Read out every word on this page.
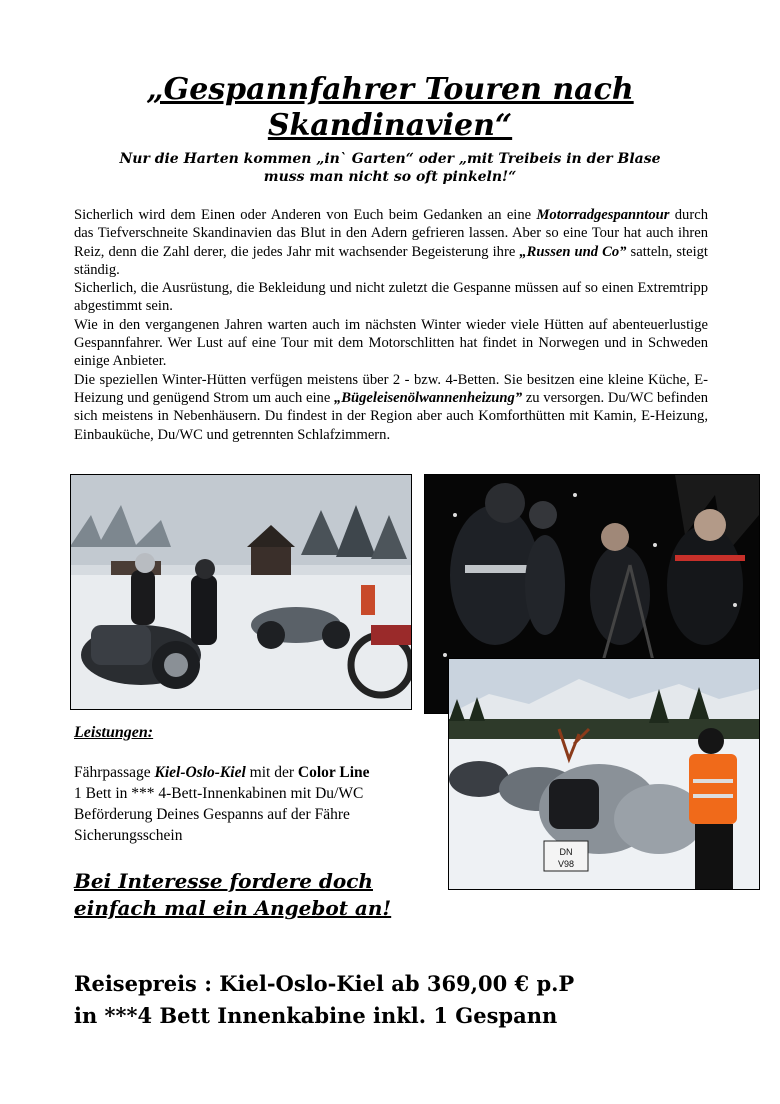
„Gespannfahrer Touren nach
Skandinavien“
Nur die Harten kommen „in` Garten“ oder „mit Treibeis in der Blase
muss man nicht so oft pinkeln!“

Sicherlich wird dem Einen oder Anderen von Euch beim Gedanken an eine Motorradgespanntour durch das Tiefverschneite Skandinavien das Blut in den Adern gefrieren lassen. Aber so eine Tour hat auch ihren Reiz, denn die Zahl derer, die jedes Jahr mit wachsender Begeisterung ihre „Russen und Co” satteln, steigt ständig.

Sicherlich, die Ausrüstung, die Bekleidung und nicht zuletzt die Gespanne müssen auf so einen Extremtripp abgestimmt sein.

Wie in den vergangenen Jahren warten auch im nächsten Winter wieder viele Hütten auf abenteuerlustige Gespannfahrer. Wer Lust auf eine Tour mit dem Motorschlitten hat findet in Norwegen und in Schweden einige Anbieter.

Die speziellen Winter-Hütten verfügen meistens über 2 - bzw. 4-Betten. Sie besitzen eine kleine Küche, E-Heizung und genügend Strom um auch eine „Bügeleisenölwannenheizung” zu versorgen. Du/WC befinden sich meistens in Nebenhäusern. Du findest in der Region aber auch Komforthütten mit Kamin, E-Heizung, Einbauküche, Du/WC und getrennten Schlafzimmern.

DN
V98
Leistungen:
Fährpassage Kiel-Oslo-Kiel mit der Color Line
1 Bett in *** 4-Bett-Innenkabinen mit Du/WC
Beförderung Deines Gespanns auf der Fähre
Sicherungsschein
Bei Interesse fordere doch
einfach mal ein Angebot an!
Reisepreis : Kiel-Oslo-Kiel ab 369,00 € p.P
in ***4 Bett Innenkabine inkl. 1 Gespann
